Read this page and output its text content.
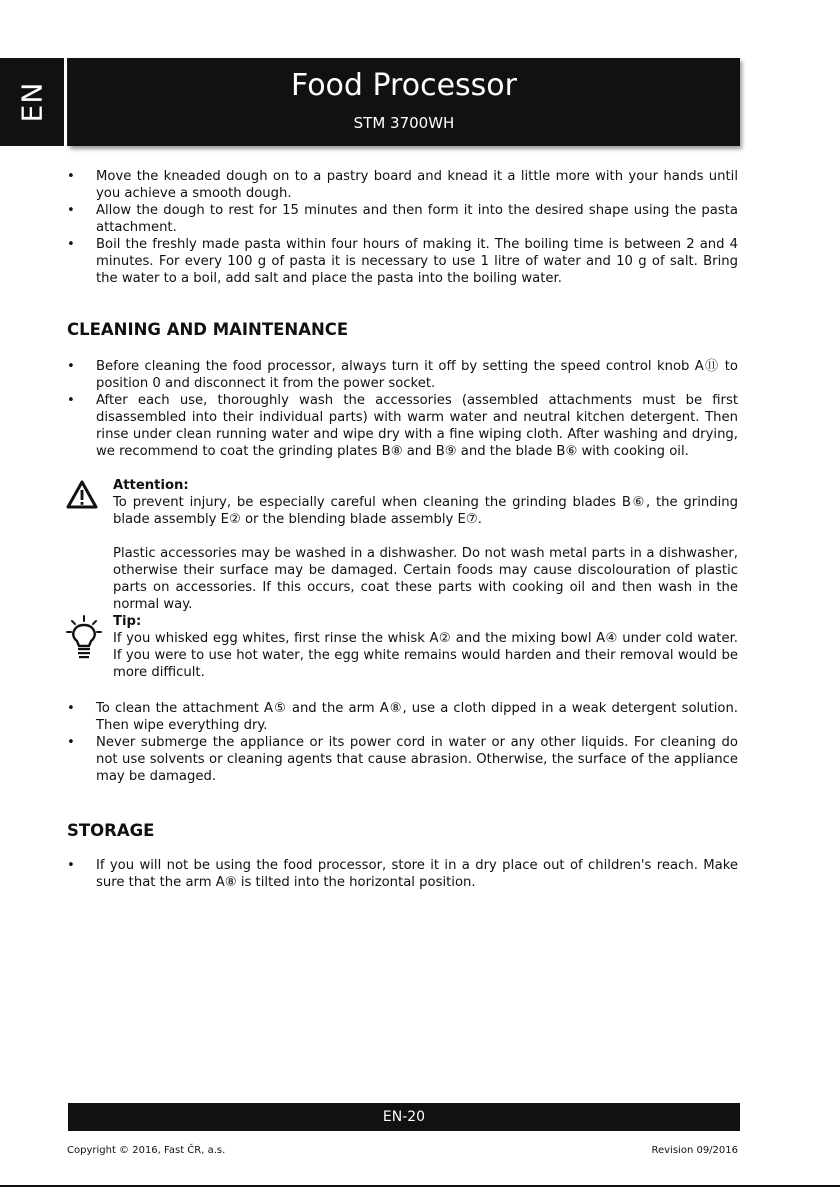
EN	Food Processor
STM 3700WH
• Move the kneaded dough on to a pastry board and knead it a little more with your hands until you achieve a smooth dough.
• Allow the dough to rest for 15 minutes and then form it into the desired shape using the pasta attachment.
• Boil the freshly made pasta within four hours of making it. The boiling time is between 2 and 4 minutes. For every 100 g of pasta it is necessary to use 1 litre of water and 10 g of salt. Bring the water to a boil, add salt and place the pasta into the boiling water.
CLEANING AND MAINTENANCE
• Before cleaning the food processor, always turn it off by setting the speed control knob A⑪ to position 0 and disconnect it from the power socket.
• After each use, thoroughly wash the accessories (assembled attachments must be first disassembled into their individual parts) with warm water and neutral kitchen detergent. Then rinse under clean running water and wipe dry with a fine wiping cloth. After washing and drying, we recommend to coat the grinding plates B⑧ and B⑨ and the blade B⑥ with cooking oil.
Attention:
To prevent injury, be especially careful when cleaning the grinding blades B⑥, the grinding blade assembly E② or the blending blade assembly E⑦.
Plastic accessories may be washed in a dishwasher. Do not wash metal parts in a dishwasher, otherwise their surface may be damaged. Certain foods may cause discolouration of plastic parts on accessories. If this occurs, coat these parts with cooking oil and then wash in the normal way.
Tip:
If you whisked egg whites, first rinse the whisk A② and the mixing bowl A④ under cold water. If you were to use hot water, the egg white remains would harden and their removal would be more difficult.
• To clean the attachment A⑤ and the arm A⑧, use a cloth dipped in a weak detergent solution. Then wipe everything dry.
• Never submerge the appliance or its power cord in water or any other liquids. For cleaning do not use solvents or cleaning agents that cause abrasion. Otherwise, the surface of the appliance may be damaged.
STORAGE
• If you will not be using the food processor, store it in a dry place out of children's reach. Make sure that the arm A⑧ is tilted into the horizontal position.
EN-20
Copyright © 2016, Fast ČR, a.s.	Revision 09/2016
